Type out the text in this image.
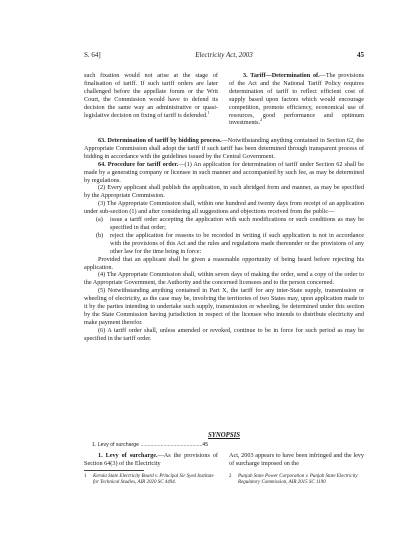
S. 64]	Electricity Act, 2003	45

such fixation would not arise at the stage of finalisation of tariff. If such tariff orders are later challenged before the appellate forum or the Writ Court, the Commission would have to defend its decision the same way an administrative or quasi-legislative decision on fixing of tariff is defended.$^1$

3. Tariff—Determination of.—The provisions of the Act and the National Tariff Policy requires determination of tariff to reflect efficient cost of supply based upon factors which would encourage competition, promote efficiency, economical use of resources, good performance and optimum investments.$^2$

63. Determination of tariff by bidding process.—Notwithstanding anything contained in Section 62, the Appropriate Commission shall adopt the tariff if such tariff has been determined through transparent process of bidding in accordance with the guidelines issued by the Central Government.

64. Procedure for tariff order.—(1) An application for determination of tariff under Section 62 shall be made by a generating company or licensee in such manner and accompanied by such fee, as may be determined by regulations.

(2) Every applicant shall publish the application, in such abridged form and manner, as may be specified by the Appropriate Commission.

(3) The Appropriate Commission shall, within one hundred and twenty days from receipt of an application under sub-section (1) and after considering all suggestions and objections received from the public—

(a) issue a tariff order accepting the application with such modifications or such conditions as may be specified in that order;

(b) reject the application for reasons to be recorded in writing if such application is not in accordance with the provisions of this Act and the rules and regulations made thereunder or the provisions of any other law for the time being in force:

Provided that an applicant shall be given a reasonable opportunity of being heard before rejecting his application.

(4) The Appropriate Commission shall, within seven days of making the order, send a copy of the order to the Appropriate Government, the Authority and the concerned licensees and to the person concerned.

(5) Notwithstanding anything contained in Part X, the tariff for any inter-State supply, transmission or wheeling of electricity, as the case may be, involving the territories of two States may, upon application made to it by the parties intending to undertake such supply, transmission or wheeling, be determined under this section by the State Commission having jurisdiction in respect of the licensee who intends to distribute electricity and make payment therefor.

(6) A tariff order shall, unless amended or revoked, continue to be in force for such period as may be specified in the tariff order.

SYNOPSIS
1. Levy of surcharge ...........................................45

1. Levy of surcharge.—As the provisions of Section 64(3) of the Electricity

Act, 2003 appears to have been infringed and the levy of surcharge imposed on the

1	Kerala State Electricity Board v. Principal Sir Syed Institute for Technical Studies, AIR 2020 SC 4494.
2	Punjab State Power Corporation v. Punjab State Electricity Regulatory Commission, AIR 2015 SC 1190
